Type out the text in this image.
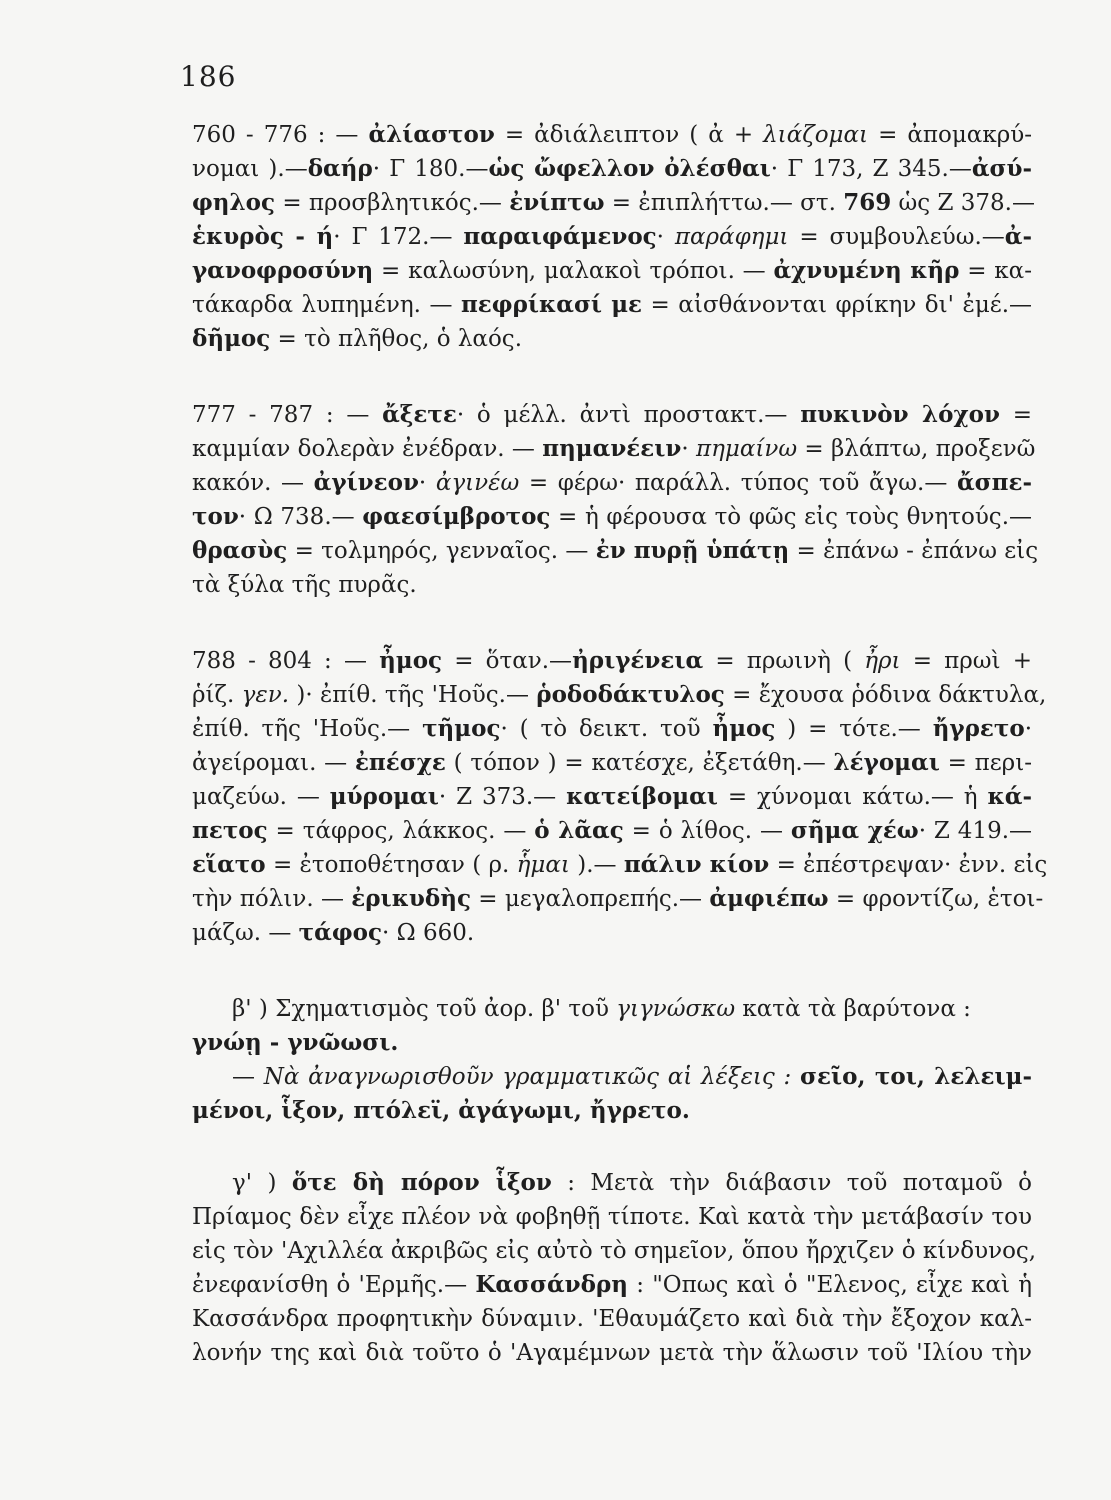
186
760 - 776 : — ἀλίαστον = ἀδιάλειπτον ( ἀ + λιάζομαι = ἀπομακρύ-
νομαι ).—δαήρ· Γ 180.—ὡς ὤφελλον ὀλέσθαι· Γ 173, Ζ 345.—ἀσύ-
φηλος = προσβλητικός.— ἐνίπτω = ἐπιπλήττω.— στ. 769 ὡς Ζ 378.—
ἑκυρὸς - ή· Γ 172.— παραιφάμενος· παράφημι = συμβουλεύω.—ἀ-
γανοφροσύνη = καλωσύνη, μαλακοὶ τρόποι. — ἀχνυμένη κῆρ = κα-
τάκαρδα λυπημένη. — πεφρίκασί με = αἰσθάνονται φρίκην δι' ἐμέ.—
δῆμος = τὸ πλῆθος, ὁ λαός.
777 - 787 : — ἄξετε· ὁ μέλλ. ἀντὶ προστακτ.— πυκινὸν λόχον =
καμμίαν δολερὰν ἐνέδραν. — πημανέειν· πημαίνω = βλάπτω, προξενῶ
κακόν. — ἀγίνεον· ἀγινέω = φέρω· παράλλ. τύπος τοῦ ἄγω.— ἄσπε-
τον· Ω 738.— φαεσίμβροτος = ἡ φέρουσα τὸ φῶς εἰς τοὺς θνητούς.—
θρασὺς = τολμηρός, γενναῖος. — ἐν πυρῇ ὑπάτῃ = ἐπάνω - ἐπάνω εἰς
τὰ ξύλα τῆς πυρᾶς.
788 - 804 : — ἦμος = ὅταν.—ἠριγένεια = πρωινὴ ( ἦρι = πρωὶ +
ῥίζ. γεν. )· ἐπίθ. τῆς 'Ηοῦς.— ῥοδοδάκτυλος = ἔχουσα ῥόδινα δάκτυλα,
ἐπίθ. τῆς 'Ηοῦς.— τῆμος· ( τὸ δεικτ. τοῦ ἦμος ) = τότε.— ἤγρετο·
ἀγείρομαι. — ἐπέσχε ( τόπον ) = κατέσχε, ἐξετάθη.— λέγομαι = περι-
μαζεύω. — μύρομαι· Ζ 373.— κατείβομαι = χύνομαι κάτω.— ἡ κά-
πετος = τάφρος, λάκκος. — ὁ λᾶας = ὁ λίθος. — σῆμα χέω· Ζ 419.—
εἵατο = ἐτοποθέτησαν ( ρ. ἧμαι ).— πάλιν κίον = ἐπέστρεψαν· ἐνν. εἰς
τὴν πόλιν. — ἐρικυδὴς = μεγαλοπρεπής.— ἀμφιέπω = φροντίζω, ἑτοι-
μάζω. — τάφος· Ω 660.
β' ) Σχηματισμὸς τοῦ ἀορ. β' τοῦ γιγνώσκω κατὰ τὰ βαρύτονα :
γνώῃ - γνῶωσι.
— Νὰ ἀναγνωρισθοῦν γραμματικῶς αἱ λέξεις : σεῖο, τοι, λελειμ-
μένοι, ἷξον, πτόλεϊ, ἀγάγωμι, ἤγρετο.
γ' ) ὅτε δὴ πόρον ἷξον : Μετὰ τὴν διάβασιν τοῦ ποταμοῦ ὁ
Πρίαμος δὲν εἶχε πλέον νὰ φοβηθῇ τίποτε. Καὶ κατὰ τὴν μετάβασίν του
εἰς τὸν 'Αχιλλέα ἀκριβῶς εἰς αὐτὸ τὸ σημεῖον, ὅπου ἤρχιζεν ὁ κίνδυνος,
ἐνεφανίσθη ὁ 'Ερμῆς.— Κασσάνδρη : "Οπως καὶ ὁ "Ελενος, εἶχε καὶ ἡ
Κασσάνδρα προφητικὴν δύναμιν. 'Εθαυμάζετο καὶ διὰ τὴν ἔξοχον καλ-
λονήν της καὶ διὰ τοῦτο ὁ 'Αγαμέμνων μετὰ τὴν ἅλωσιν τοῦ 'Ιλίου τὴν
